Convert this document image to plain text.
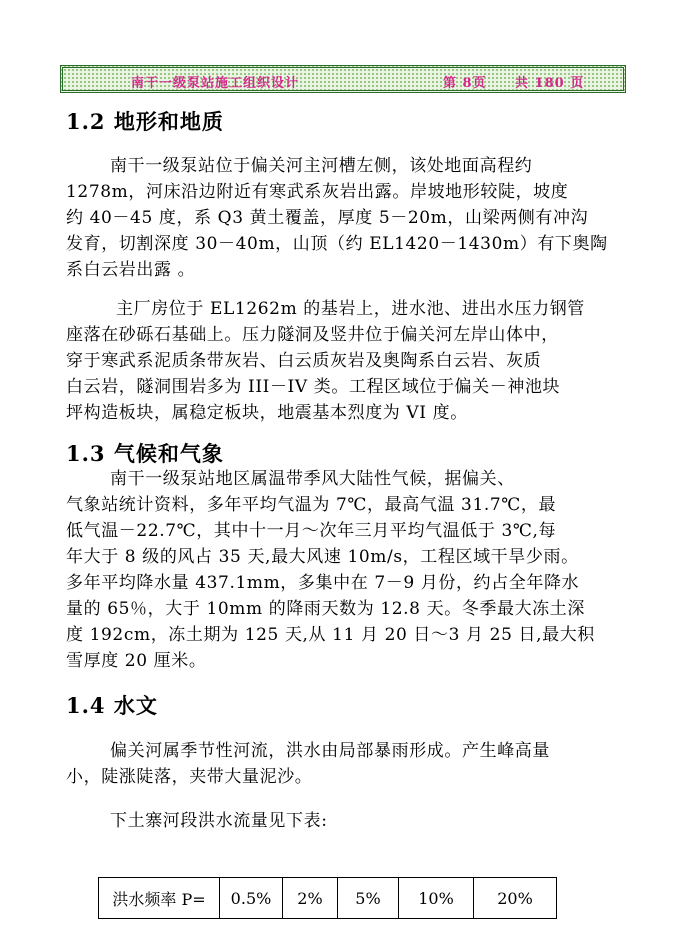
南干一级泵站施工组织设计	第 8页 共 180 页
1.2 地形和地质
南干一级泵站位于偏关河主河槽左侧，该处地面高程约
1278m，河床沿边附近有寒武系灰岩出露。岸坡地形较陡，坡度
约 40－45 度，系 Q3 黄土覆盖，厚度 5－20m，山梁两侧有冲沟
发育，切割深度 30－40m，山顶（约 EL1420－1430m）有下奥陶
系白云岩出露 。
主厂房位于 EL1262m 的基岩上，进水池、进出水压力钢管
座落在砂砾石基础上。压力隧洞及竖井位于偏关河左岸山体中，
穿于寒武系泥质条带灰岩、白云质灰岩及奥陶系白云岩、灰质
白云岩，隧洞围岩多为 III－IV 类。工程区域位于偏关－神池块
坪构造板块，属稳定板块，地震基本烈度为 VI 度。
1.3 气候和气象
南干一级泵站地区属温带季风大陆性气候，据偏关、
气象站统计资料，多年平均气温为 7℃，最高气温 31.7℃，最
低气温－22.7℃，其中十一月～次年三月平均气温低于 3℃,每
年大于 8 级的风占 35 天,最大风速 10m/s，工程区域干旱少雨。
多年平均降水量 437.1mm，多集中在 7－9 月份，约占全年降水
量的 65％，大于 10mm 的降雨天数为 12.8 天。冬季最大冻土深
度 192cm，冻土期为 125 天,从 11 月 20 日～3 月 25 日,最大积
雪厚度 20 厘米。
1.4 水文
偏关河属季节性河流，洪水由局部暴雨形成。产生峰高量
小，陡涨陡落，夹带大量泥沙。
下土寨河段洪水流量见下表:
洪水频率 P=	0.5%	2%	5%	10%	20%
